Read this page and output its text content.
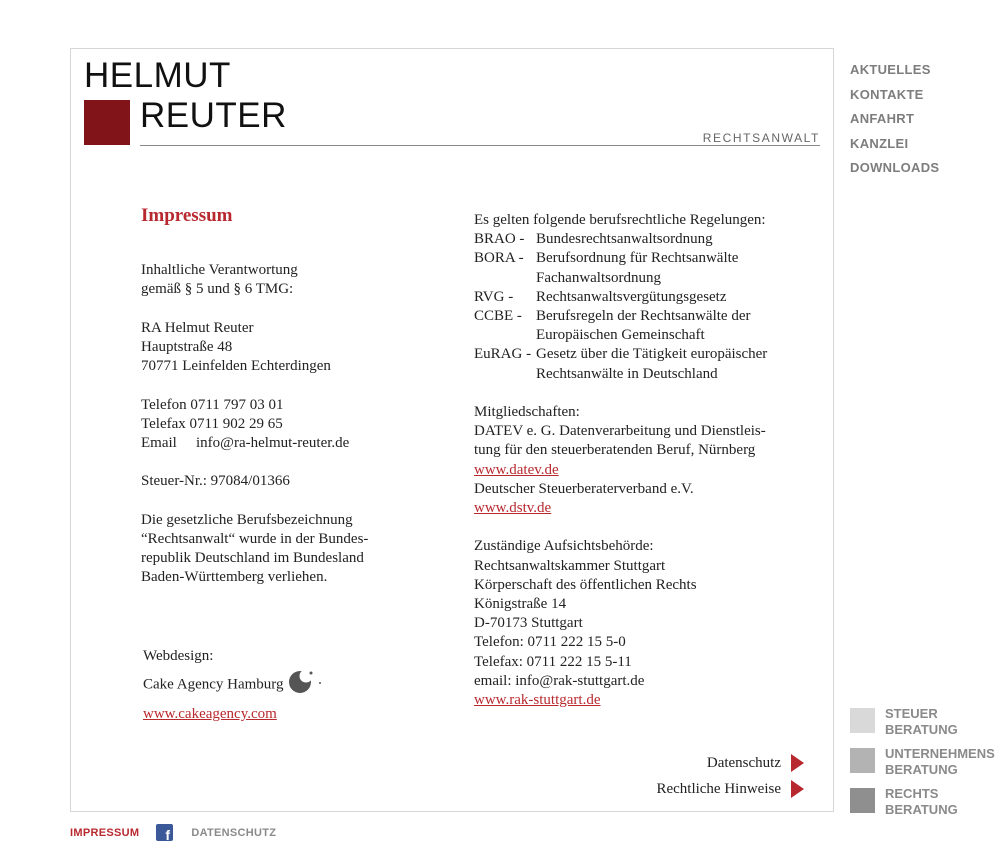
HELMUT
REUTER
RECHTSANWALT
AKTUELLES
KONTAKTE
ANFAHRT
KANZLEI
DOWNLOADS
Impressum
Inhaltliche Verantwortung
gemäß § 5 und § 6 TMG:
RA Helmut Reuter
Hauptstraße 48
70771 Leinfelden Echterdingen
Telefon 0711 797 03 01
Telefax 0711 902 29 65
Email info@ra-helmut-reuter.de
Steuer-Nr.: 97084/01366
Die gesetzliche Berufsbezeichnung
“Rechtsanwalt“ wurde in der Bundes-
republik Deutschland im Bundesland
Baden-Württemberg verliehen.
Webdesign:
Cake Agency Hamburg
www.cakeagency.com
Es gelten folgende berufsrechtliche Regelungen:
BRAO - Bundesrechtsanwaltsordnung
BORA - Berufsordnung für Rechtsanwälte
Fachanwaltsordnung
RVG -	Rechtsanwaltsvergütungsgesetz
CCBE - Berufsregeln der Rechtsanwälte der
Europäischen Gemeinschaft
EuRAG - Gesetz über die Tätigkeit europäischer
Rechtsanwälte in Deutschland
Mitgliedschaften:
DATEV e. G. Datenverarbeitung und Dienstleis-
tung für den steuerberatenden Beruf, Nürnberg
www.datev.de
Deutscher Steuerberaterverband e.V.
www.dstv.de
Zuständige Aufsichtsbehörde:
Rechtsanwaltskammer Stuttgart
Körperschaft des öffentlichen Rechts
Königstraße 14
D-70173 Stuttgart
Telefon: 0711 222 15 5-0
Telefax: 0711 222 15 5-11
email: info@rak-stuttgart.de
www.rak-stuttgart.de
Datenschutz
Rechtliche Hinweise
STEUER
BERATUNG
UNTERNEHMENS
BERATUNG
RECHTS
BERATUNG
IMPRESSUM f DATENSCHUTZ
